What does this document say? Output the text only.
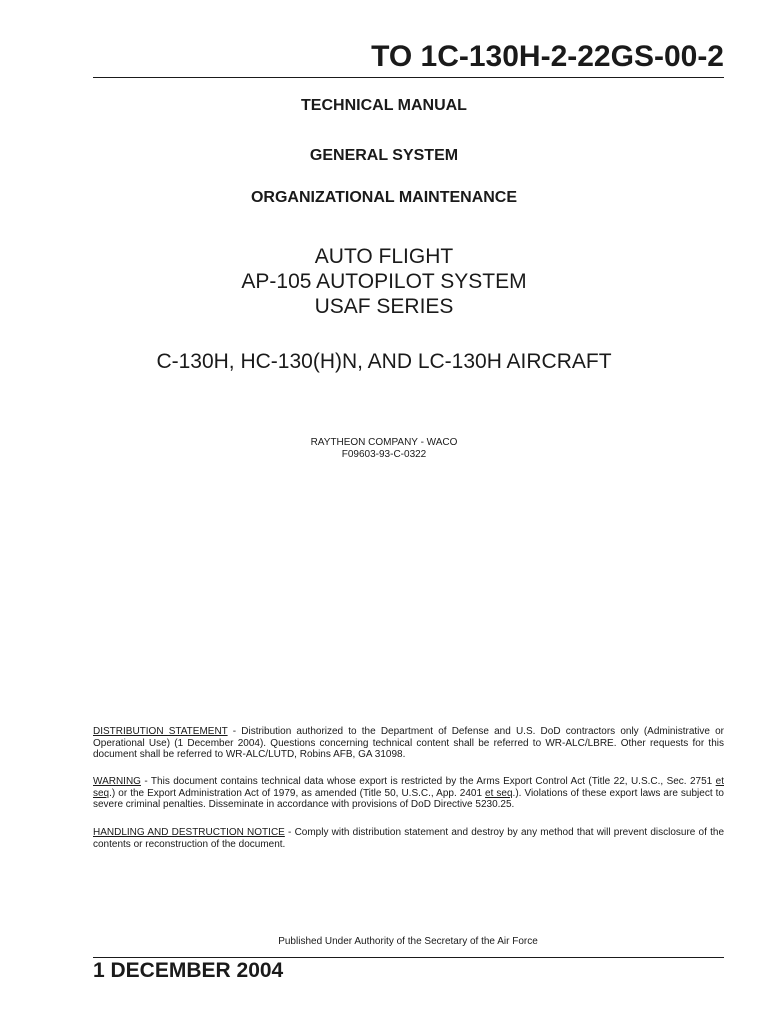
TO 1C-130H-2-22GS-00-2
TECHNICAL MANUAL
GENERAL SYSTEM
ORGANIZATIONAL MAINTENANCE
AUTO FLIGHT
AP-105 AUTOPILOT SYSTEM
USAF SERIES
C-130H, HC-130(H)N, AND LC-130H AIRCRAFT
RAYTHEON COMPANY - WACO
F09603-93-C-0322
DISTRIBUTION STATEMENT - Distribution authorized to the Department of Defense and U.S. DoD contractors only (Administrative or Operational Use) (1 December 2004). Questions concerning technical content shall be referred to WR-ALC/LBRE. Other requests for this document shall be referred to WR-ALC/LUTD, Robins AFB, GA 31098.
WARNING - This document contains technical data whose export is restricted by the Arms Export Control Act (Title 22, U.S.C., Sec. 2751 et seq.) or the Export Administration Act of 1979, as amended (Title 50, U.S.C., App. 2401 et seq.). Violations of these export laws are subject to severe criminal penalties. Disseminate in accordance with provisions of DoD Directive 5230.25.
HANDLING AND DESTRUCTION NOTICE - Comply with distribution statement and destroy by any method that will prevent disclosure of the contents or reconstruction of the document.
Published Under Authority of the Secretary of the Air Force
1 DECEMBER 2004
